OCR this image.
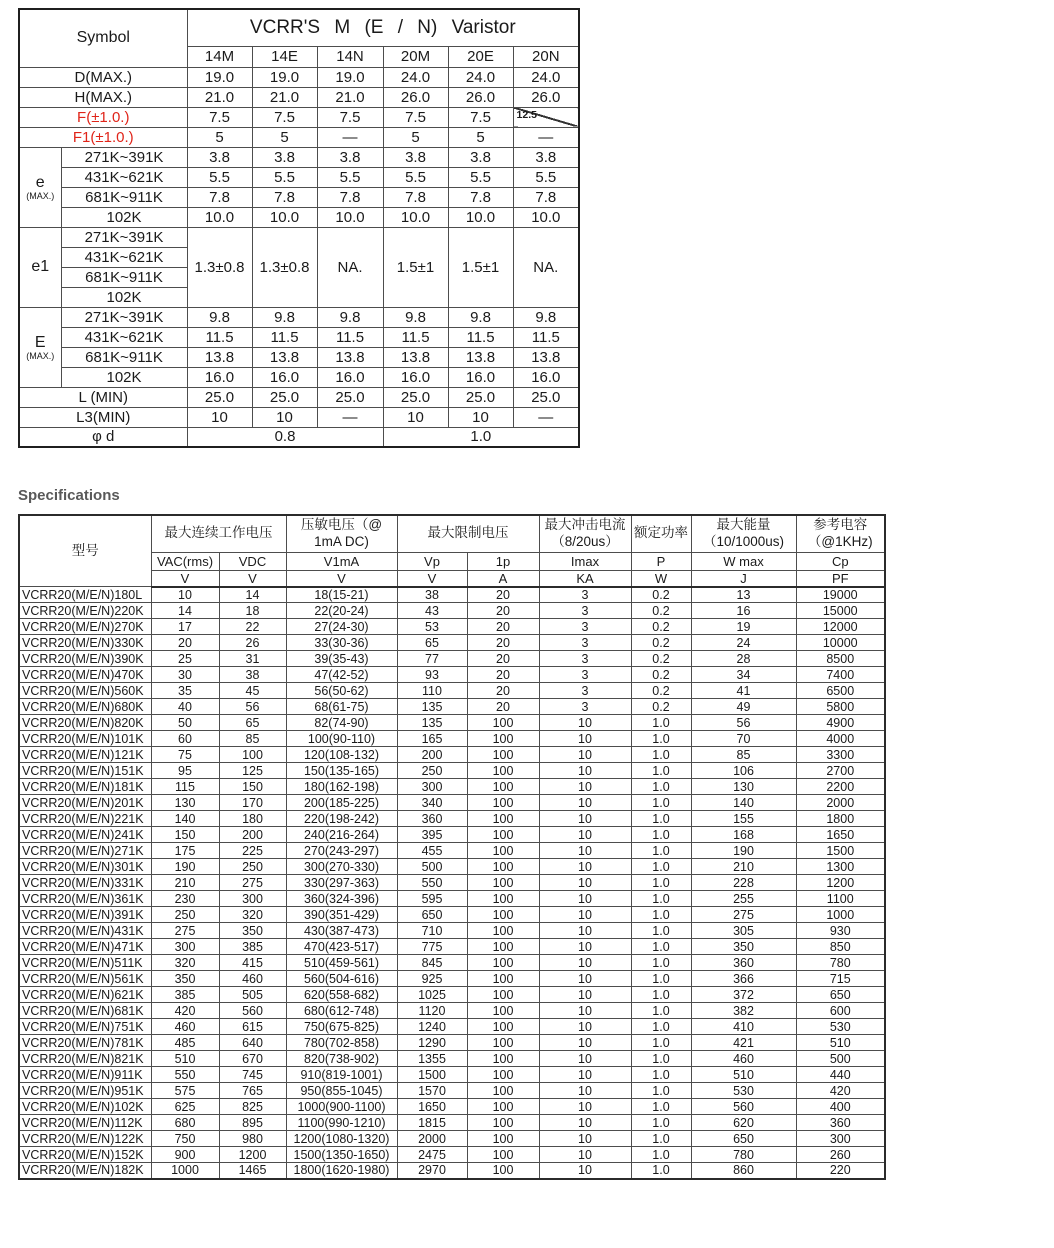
Symbol		VCRR'S M (E / N) Varistor					
		14M	14E	14N	20M	20E	20N
D(MAX.)		19.0	19.0	19.0	24.0	24.0	24.0
H(MAX.)		21.0	21.0	21.0	26.0	26.0	26.0
F(±1.0.)		7.5	7.5	7.5	7.5	7.5	12.5
F1(±1.0.)		5	5	—	5	5	—

e
(MAX.)	271K~391K	3.8	3.8	3.8	3.8	3.8	3.8
	431K~621K	5.5	5.5	5.5	5.5	5.5	5.5
	681K~911K	7.8	7.8	7.8	7.8	7.8	7.8
	102K	10.0	10.0	10.0	10.0	10.0	10.0
e1	271K~391K	1.3±0.8	1.3±0.8	NA.	1.5±1	1.5±1	NA.
	431K~621K						
	681K~911K						
	102K						

E
(MAX.)	271K~391K	9.8	9.8	9.8	9.8	9.8	9.8
	431K~621K	11.5	11.5	11.5	11.5	11.5	11.5
	681K~911K	13.8	13.8	13.8	13.8	13.8	13.8
	102K	16.0	16.0	16.0	16.0	16.0	16.0
L (MIN)		25.0	25.0	25.0	25.0	25.0	25.0
L3(MIN)		10	10	—	10	10	—
φ d		0.8			1.0		
Specifications
型号	最大连续工作电压		压敏电压（@ 1mA DC)	最大限制电压		最大冲击电流（8/20us）	额定功率	最大能量（10/1000us)	参考电容（@1KHz)
	VAC(rms)	VDC	V1mA	Vp	1p	Imax	P	W max	Cp
	V	V	V	V	A	KA	W	J	PF
VCRR20(M/E/N)180L	10	14	18(15-21)	38	20	3	0.2	13	19000
VCRR20(M/E/N)220K	14	18	22(20-24)	43	20	3	0.2	16	15000
VCRR20(M/E/N)270K	17	22	27(24-30)	53	20	3	0.2	19	12000
VCRR20(M/E/N)330K	20	26	33(30-36)	65	20	3	0.2	24	10000
VCRR20(M/E/N)390K	25	31	39(35-43)	77	20	3	0.2	28	8500
VCRR20(M/E/N)470K	30	38	47(42-52)	93	20	3	0.2	34	7400
VCRR20(M/E/N)560K	35	45	56(50-62)	110	20	3	0.2	41	6500
VCRR20(M/E/N)680K	40	56	68(61-75)	135	20	3	0.2	49	5800
VCRR20(M/E/N)820K	50	65	82(74-90)	135	100	10	1.0	56	4900
VCRR20(M/E/N)101K	60	85	100(90-110)	165	100	10	1.0	70	4000
VCRR20(M/E/N)121K	75	100	120(108-132)	200	100	10	1.0	85	3300
VCRR20(M/E/N)151K	95	125	150(135-165)	250	100	10	1.0	106	2700
VCRR20(M/E/N)181K	115	150	180(162-198)	300	100	10	1.0	130	2200
VCRR20(M/E/N)201K	130	170	200(185-225)	340	100	10	1.0	140	2000
VCRR20(M/E/N)221K	140	180	220(198-242)	360	100	10	1.0	155	1800
VCRR20(M/E/N)241K	150	200	240(216-264)	395	100	10	1.0	168	1650
VCRR20(M/E/N)271K	175	225	270(243-297)	455	100	10	1.0	190	1500
VCRR20(M/E/N)301K	190	250	300(270-330)	500	100	10	1.0	210	1300
VCRR20(M/E/N)331K	210	275	330(297-363)	550	100	10	1.0	228	1200
VCRR20(M/E/N)361K	230	300	360(324-396)	595	100	10	1.0	255	1100
VCRR20(M/E/N)391K	250	320	390(351-429)	650	100	10	1.0	275	1000
VCRR20(M/E/N)431K	275	350	430(387-473)	710	100	10	1.0	305	930
VCRR20(M/E/N)471K	300	385	470(423-517)	775	100	10	1.0	350	850
VCRR20(M/E/N)511K	320	415	510(459-561)	845	100	10	1.0	360	780
VCRR20(M/E/N)561K	350	460	560(504-616)	925	100	10	1.0	366	715
VCRR20(M/E/N)621K	385	505	620(558-682)	1025	100	10	1.0	372	650
VCRR20(M/E/N)681K	420	560	680(612-748)	1120	100	10	1.0	382	600
VCRR20(M/E/N)751K	460	615	750(675-825)	1240	100	10	1.0	410	530
VCRR20(M/E/N)781K	485	640	780(702-858)	1290	100	10	1.0	421	510
VCRR20(M/E/N)821K	510	670	820(738-902)	1355	100	10	1.0	460	500
VCRR20(M/E/N)911K	550	745	910(819-1001)	1500	100	10	1.0	510	440
VCRR20(M/E/N)951K	575	765	950(855-1045)	1570	100	10	1.0	530	420
VCRR20(M/E/N)102K	625	825	1000(900-1100)	1650	100	10	1.0	560	400
VCRR20(M/E/N)112K	680	895	1100(990-1210)	1815	100	10	1.0	620	360
VCRR20(M/E/N)122K	750	980	1200(1080-1320)	2000	100	10	1.0	650	300
VCRR20(M/E/N)152K	900	1200	1500(1350-1650)	2475	100	10	1.0	780	260
VCRR20(M/E/N)182K	1000	1465	1800(1620-1980)	2970	100	10	1.0	860	220
